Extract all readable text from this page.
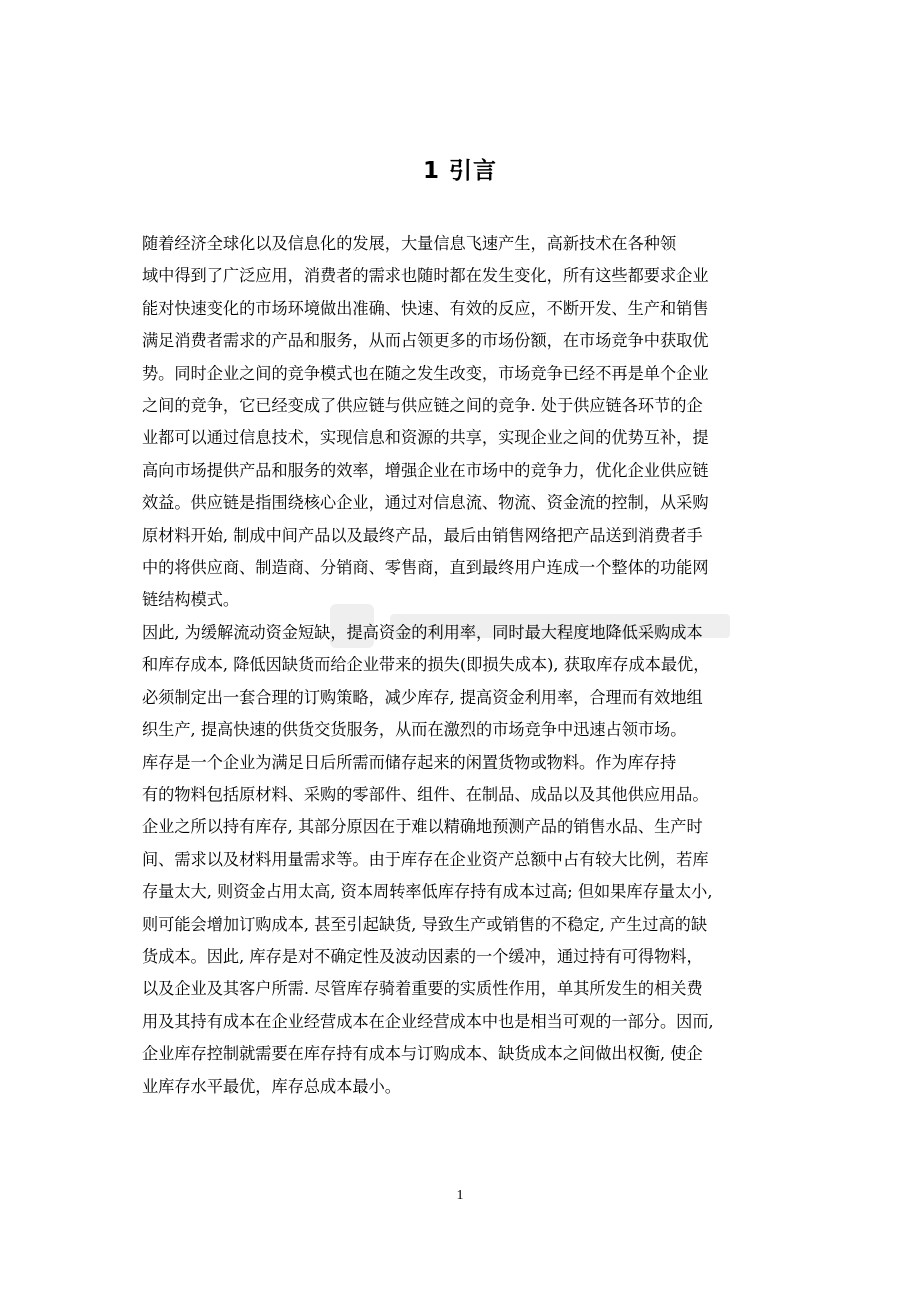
1 引言

随着经济全球化以及信息化的发展，大量信息飞速产生，高新技术在各种领
域中得到了广泛应用，消费者的需求也随时都在发生变化，所有这些都要求企业
能对快速变化的市场环境做出准确、快速、有效的反应，不断开发、生产和销售
满足消费者需求的产品和服务，从而占领更多的市场份额，在市场竞争中获取优
势。同时企业之间的竞争模式也在随之发生改变，市场竞争已经不再是单个企业
之间的竞争，它已经变成了供应链与供应链之间的竞争. 处于供应链各环节的企
业都可以通过信息技术，实现信息和资源的共享，实现企业之间的优势互补，提
高向市场提供产品和服务的效率，增强企业在市场中的竞争力，优化企业供应链
效益。供应链是指围绕核心企业，通过对信息流、物流、资金流的控制，从采购
原材料开始, 制成中间产品以及最终产品，最后由销售网络把产品送到消费者手
中的将供应商、制造商、分销商、零售商，直到最终用户连成一个整体的功能网
链结构模式。

因此, 为缓解流动资金短缺，提高资金的利用率，同时最大程度地降低采购成本
和库存成本, 降低因缺货而给企业带来的损失(即损失成本), 获取库存成本最优，
必须制定出一套合理的订购策略，减少库存, 提高资金利用率，合理而有效地组
织生产, 提高快速的供货交货服务，从而在激烈的市场竞争中迅速占领市场。

库存是一个企业为满足日后所需而储存起来的闲置货物或物料。作为库存持
有的物料包括原材料、采购的零部件、组件、在制品、成品以及其他供应用品。
企业之所以持有库存, 其部分原因在于难以精确地预测产品的销售水品、生产时
间、需求以及材料用量需求等。由于库存在企业资产总额中占有较大比例，若库
存量太大, 则资金占用太高, 资本周转率低库存持有成本过高; 但如果库存量太小,
则可能会增加订购成本, 甚至引起缺货, 导致生产或销售的不稳定, 产生过高的缺
货成本。因此, 库存是对不确定性及波动因素的一个缓冲，通过持有可得物料，
以及企业及其客户所需. 尽管库存骑着重要的实质性作用，单其所发生的相关费
用及其持有成本在企业经营成本在企业经营成本中也是相当可观的一部分。因而,
企业库存控制就需要在库存持有成本与订购成本、缺货成本之间做出权衡, 使企
业库存水平最优，库存总成本最小。

1
